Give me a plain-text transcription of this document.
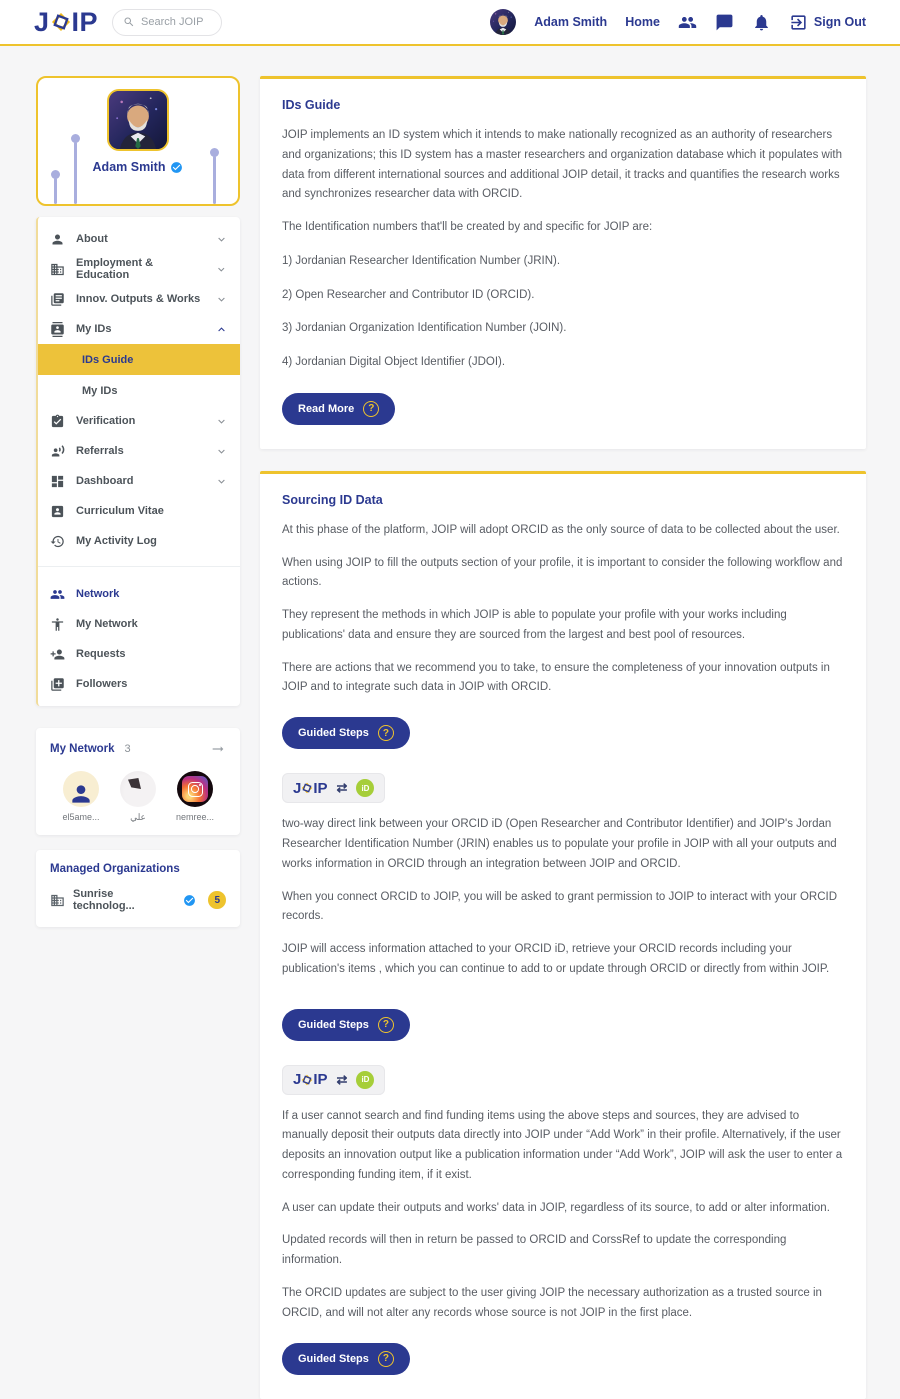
J IP
Search JOIP	Adam Smith Home	Sign Out
Adam Smith
About
Employment & Education
Innov. Outputs & Works
My IDs
IDs Guide
My IDs
Verification
Referrals
Dashboard
Curriculum Vitae
My Activity Log
Network
My Network
Requests
Followers
My Network 3
el5ame...	علي	nemree...
Managed Organizations
Sunrise technolog...	5
IDs Guide

JOIP implements an ID system which it intends to make nationally recognized as an authority of researchers and organizations; this ID system has a master researchers and organization database which it populates with data from different international sources and additional JOIP detail, it tracks and quantifies the research works and synchronizes researcher data with ORCID.

The Identification numbers that'll be created by and specific for JOIP are:

1) Jordanian Researcher Identification Number (JRIN).

2) Open Researcher and Contributor ID (ORCID).

3) Jordanian Organization Identification Number (JOIN).

4) Jordanian Digital Object Identifier (JDOI).

Read More	?
Sourcing ID Data

At this phase of the platform, JOIP will adopt ORCID as the only source of data to be collected about the user.

When using JOIP to fill the outputs section of your profile, it is important to consider the following workflow and actions.

They represent the methods in which JOIP is able to populate your profile with your works including publications' data and ensure they are sourced from the largest and best pool of resources.

There are actions that we recommend you to take, to ensure the completeness of your innovation outputs in JOIP and to integrate such data in JOIP with ORCID.

Guided Steps	?
J IP ⇄	iD

two-way direct link between your ORCID iD (Open Researcher and Contributor Identifier) and JOIP's Jordan Researcher Identification Number (JRIN) enables us to populate your profile in JOIP with all your outputs and works information in ORCID through an integration between JOIP and ORCID.

When you connect ORCID to JOIP, you will be asked to grant permission to JOIP to interact with your ORCID records.

JOIP will access information attached to your ORCID iD, retrieve your ORCID records including your publication's items , which you can continue to add to or update through ORCID or directly from within JOIP.

Guided Steps	?
J IP ⇄	iD

If a user cannot search and find funding items using the above steps and sources, they are advised to manually deposit their outputs data directly into JOIP under “Add Work” in their profile. Alternatively, if the user deposits an innovation output like a publication information under “Add Work”, JOIP will ask the user to enter a corresponding funding item, if it exist.

A user can update their outputs and works' data in JOIP, regardless of its source, to add or alter information.

Updated records will then in return be passed to ORCID and CorssRef to update the corresponding information.

The ORCID updates are subject to the user giving JOIP the necessary authorization as a trusted source in ORCID, and will not alter any records whose source is not JOIP in the first place.

Guided Steps	?
